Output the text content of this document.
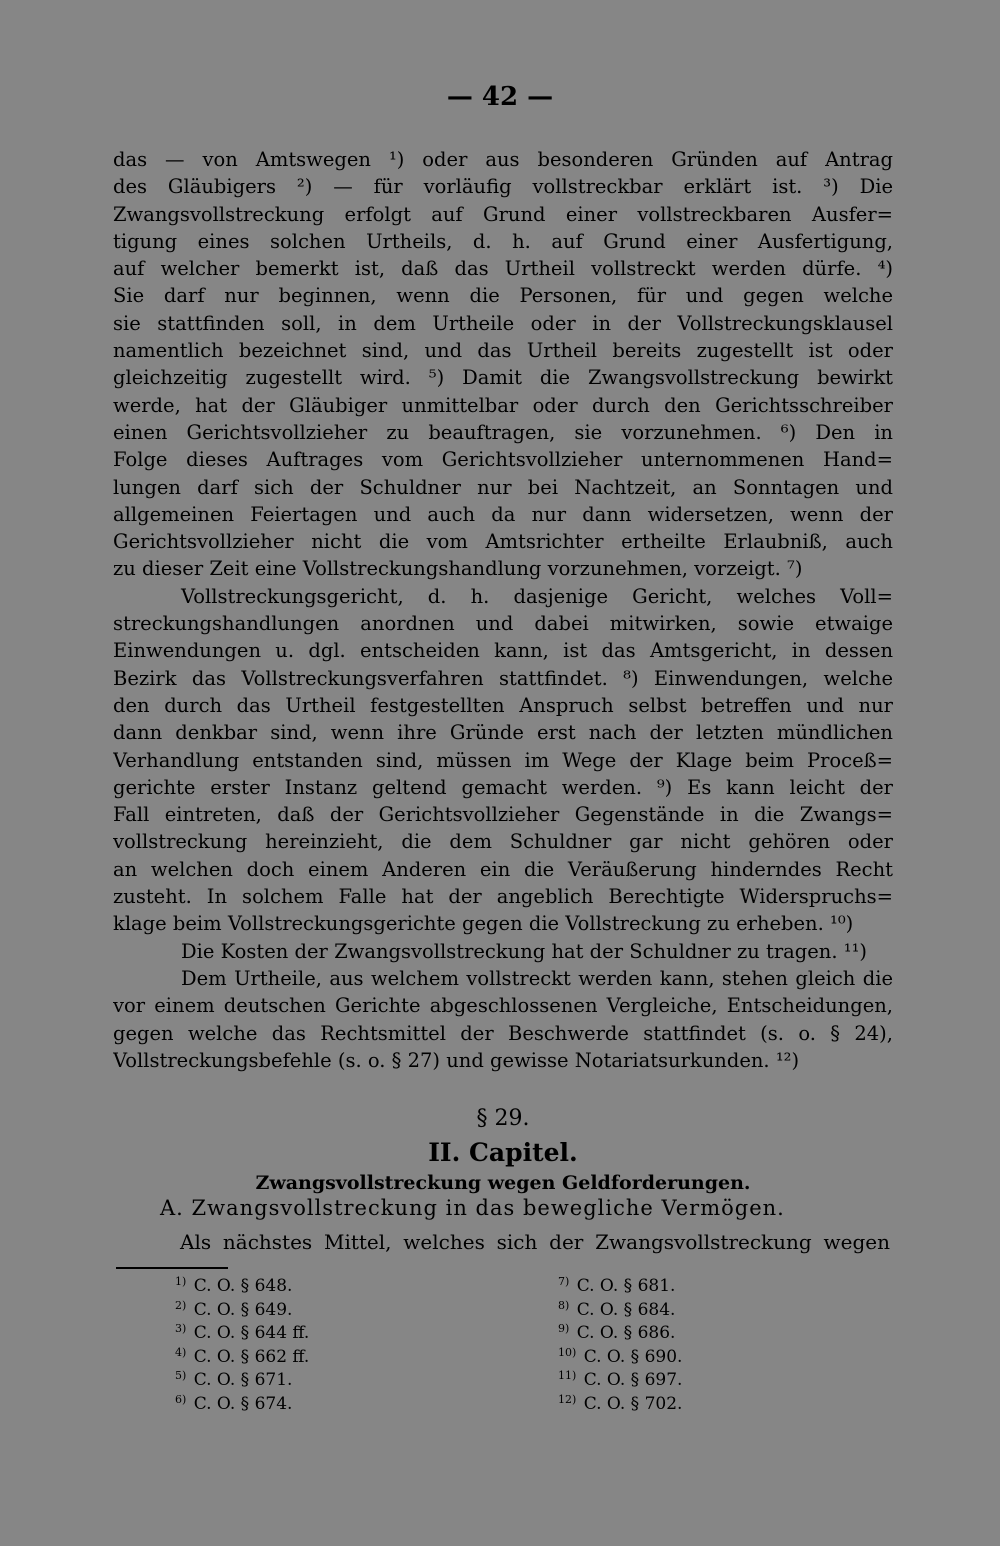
— 42 —
das — von Amtswegen ¹) oder aus besonderen Gründen auf Antrag
des Gläubigers ²) — für vorläufig vollstreckbar erklärt ist. ³) Die
Zwangsvollstreckung erfolgt auf Grund einer vollstreckbaren Ausfer=
tigung eines solchen Urtheils, d. h. auf Grund einer Ausfertigung,
auf welcher bemerkt ist, daß das Urtheil vollstreckt werden dürfe. ⁴)
Sie darf nur beginnen, wenn die Personen, für und gegen welche
sie stattfinden soll, in dem Urtheile oder in der Vollstreckungsklausel
namentlich bezeichnet sind, und das Urtheil bereits zugestellt ist oder
gleichzeitig zugestellt wird. ⁵) Damit die Zwangsvollstreckung bewirkt
werde, hat der Gläubiger unmittelbar oder durch den Gerichtsschreiber
einen Gerichtsvollzieher zu beauftragen, sie vorzunehmen. ⁶) Den in
Folge dieses Auftrages vom Gerichtsvollzieher unternommenen Hand=
lungen darf sich der Schuldner nur bei Nachtzeit, an Sonntagen und
allgemeinen Feiertagen und auch da nur dann widersetzen, wenn der
Gerichtsvollzieher nicht die vom Amtsrichter ertheilte Erlaubniß, auch
zu dieser Zeit eine Vollstreckungshandlung vorzunehmen, vorzeigt. ⁷)
Vollstreckungsgericht, d. h. dasjenige Gericht, welches Voll=
streckungshandlungen anordnen und dabei mitwirken, sowie etwaige
Einwendungen u. dgl. entscheiden kann, ist das Amtsgericht, in dessen
Bezirk das Vollstreckungsverfahren stattfindet. ⁸) Einwendungen, welche
den durch das Urtheil festgestellten Anspruch selbst betreffen und nur
dann denkbar sind, wenn ihre Gründe erst nach der letzten mündlichen
Verhandlung entstanden sind, müssen im Wege der Klage beim Proceß=
gerichte erster Instanz geltend gemacht werden. ⁹) Es kann leicht der
Fall eintreten, daß der Gerichtsvollzieher Gegenstände in die Zwangs=
vollstreckung hereinzieht, die dem Schuldner gar nicht gehören oder
an welchen doch einem Anderen ein die Veräußerung hinderndes Recht
zusteht. In solchem Falle hat der angeblich Berechtigte Widerspruchs=
klage beim Vollstreckungsgerichte gegen die Vollstreckung zu erheben. ¹⁰)
Die Kosten der Zwangsvollstreckung hat der Schuldner zu tragen. ¹¹)
Dem Urtheile, aus welchem vollstreckt werden kann, stehen gleich die
vor einem deutschen Gerichte abgeschlossenen Vergleiche, Entscheidungen,
gegen welche das Rechtsmittel der Beschwerde stattfindet (s. o. § 24),
Vollstreckungsbefehle (s. o. § 27) und gewisse Notariatsurkunden. ¹²)
§ 29.
II. Capitel.
Zwangsvollstreckung wegen Geldforderungen.
A. Zwangsvollstreckung in das bewegliche Vermögen.
Als nächstes Mittel, welches sich der Zwangsvollstreckung wegen
$^{1)}$ C. O. § 648.
$^{2)}$ C. O. § 649.
$^{3)}$ C. O. § 644 ff.
$^{4)}$ C. O. § 662 ff.
$^{5)}$ C. O. § 671.
$^{6)}$ C. O. § 674.
$^{7)}$ C. O. § 681.
$^{8)}$ C. O. § 684.
$^{9)}$ C. O. § 686.
$^{10)}$ C. O. § 690.
$^{11)}$ C. O. § 697.
$^{12)}$ C. O. § 702.
